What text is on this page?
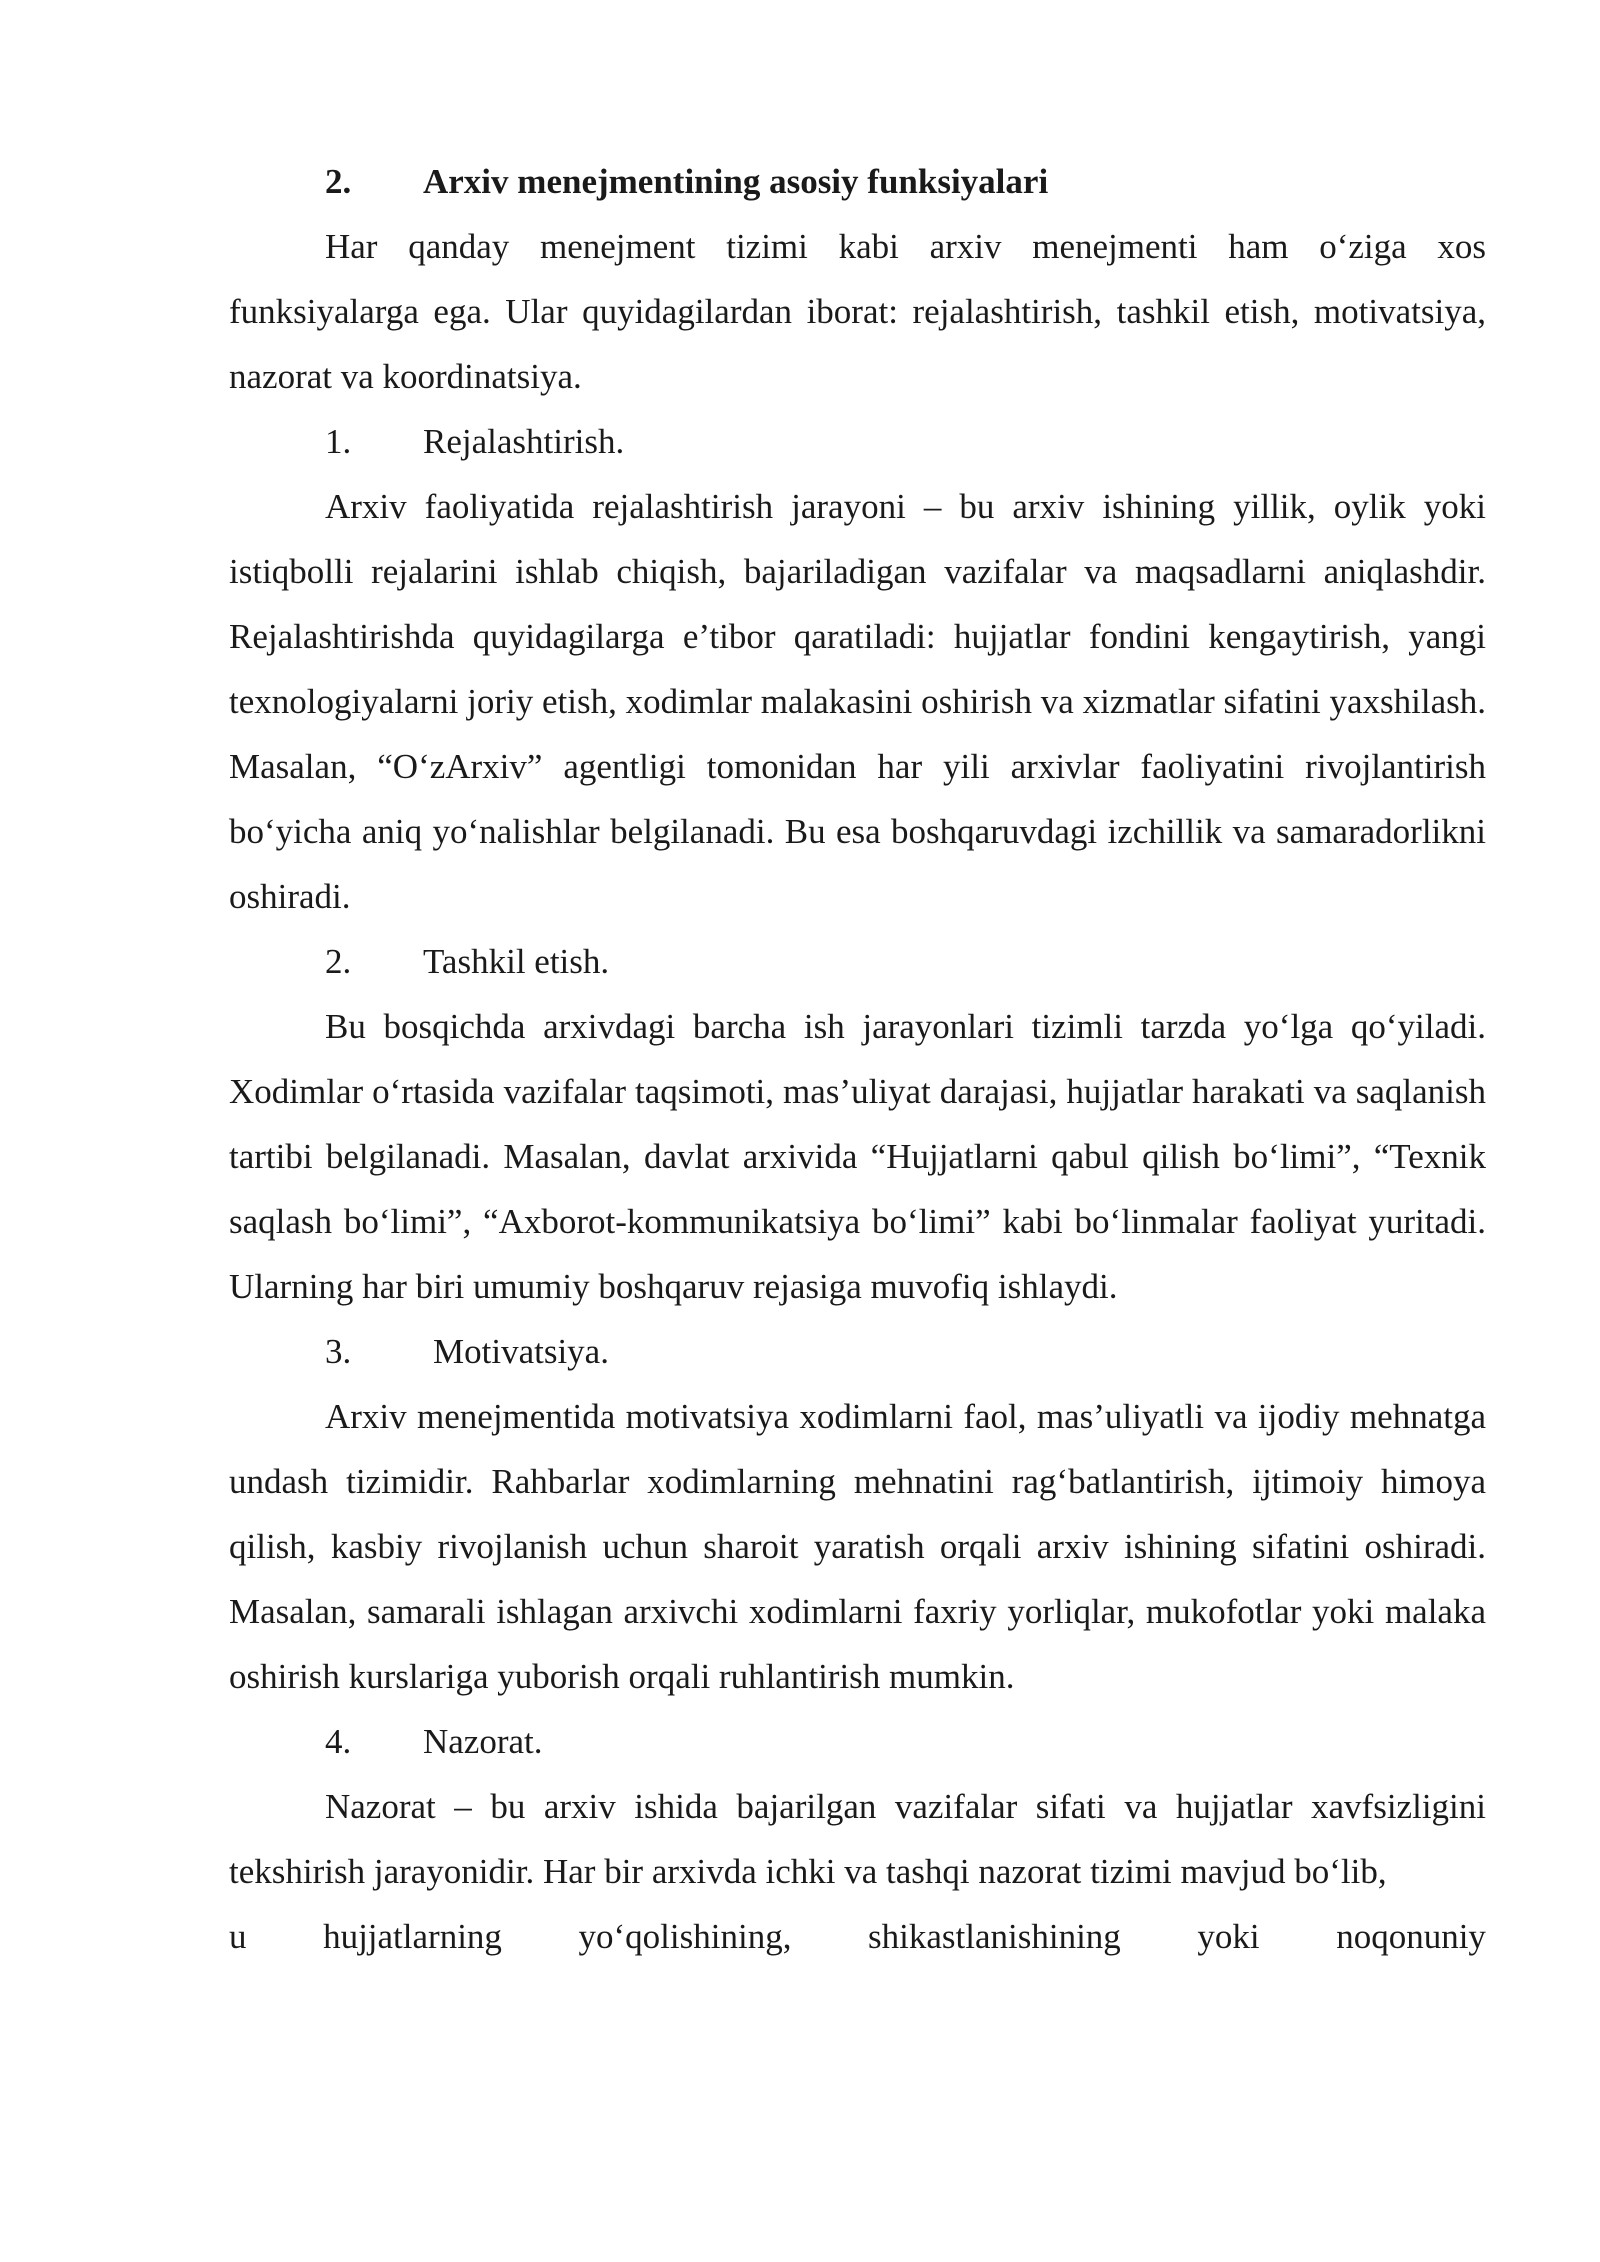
2. Arxiv menejmentining asosiy funksiyalari

Har qanday menejment tizimi kabi arxiv menejmenti ham o‘ziga xos funksiyalarga ega. Ular quyidagilardan iborat: rejalashtirish, tashkil etish, motivatsiya, nazorat va koordinatsiya.

1. Rejalashtirish.

Arxiv faoliyatida rejalashtirish jarayoni – bu arxiv ishining yillik, oylik yoki istiqbolli rejalarini ishlab chiqish, bajariladigan vazifalar va maqsadlarni aniqlashdir. Rejalashtirishda quyidagilarga e’tibor qaratiladi: hujjatlar fondini kengaytirish, yangi texnologiyalarni joriy etish, xodimlar malakasini oshirish va xizmatlar sifatini yaxshilash. Masalan, “O‘zArxiv” agentligi tomonidan har yili arxivlar faoliyatini rivojlantirish bo‘yicha aniq yo‘nalishlar belgilanadi. Bu esa boshqaruvdagi izchillik va samaradorlikni oshiradi.

2. Tashkil etish.

Bu bosqichda arxivdagi barcha ish jarayonlari tizimli tarzda yo‘lga qo‘yiladi. Xodimlar o‘rtasida vazifalar taqsimoti, mas’uliyat darajasi, hujjatlar harakati va saqlanish tartibi belgilanadi. Masalan, davlat arxivida “Hujjatlarni qabul qilish bo‘limi”, “Texnik saqlash bo‘limi”, “Axborot-kommunikatsiya bo‘limi” kabi bo‘linmalar faoliyat yuritadi. Ularning har biri umumiy boshqaruv rejasiga muvofiq ishlaydi.

3. Motivatsiya.

Arxiv menejmentida motivatsiya xodimlarni faol, mas’uliyatli va ijodiy mehnatga undash tizimidir. Rahbarlar xodimlarning mehnatini rag‘batlantirish, ijtimoiy himoya qilish, kasbiy rivojlanish uchun sharoit yaratish orqali arxiv ishining sifatini oshiradi. Masalan, samarali ishlagan arxivchi xodimlarni faxriy yorliqlar, mukofotlar yoki malaka oshirish kurslariga yuborish orqali ruhlantirish mumkin.

4. Nazorat.

Nazorat – bu arxiv ishida bajarilgan vazifalar sifati va hujjatlar xavfsizligini tekshirish jarayonidir. Har bir arxivda ichki va tashqi nazorat tizimi mavjud bo‘lib,

u hujjatlarning yo‘qolishining, shikastlanishining yoki noqonuniy
